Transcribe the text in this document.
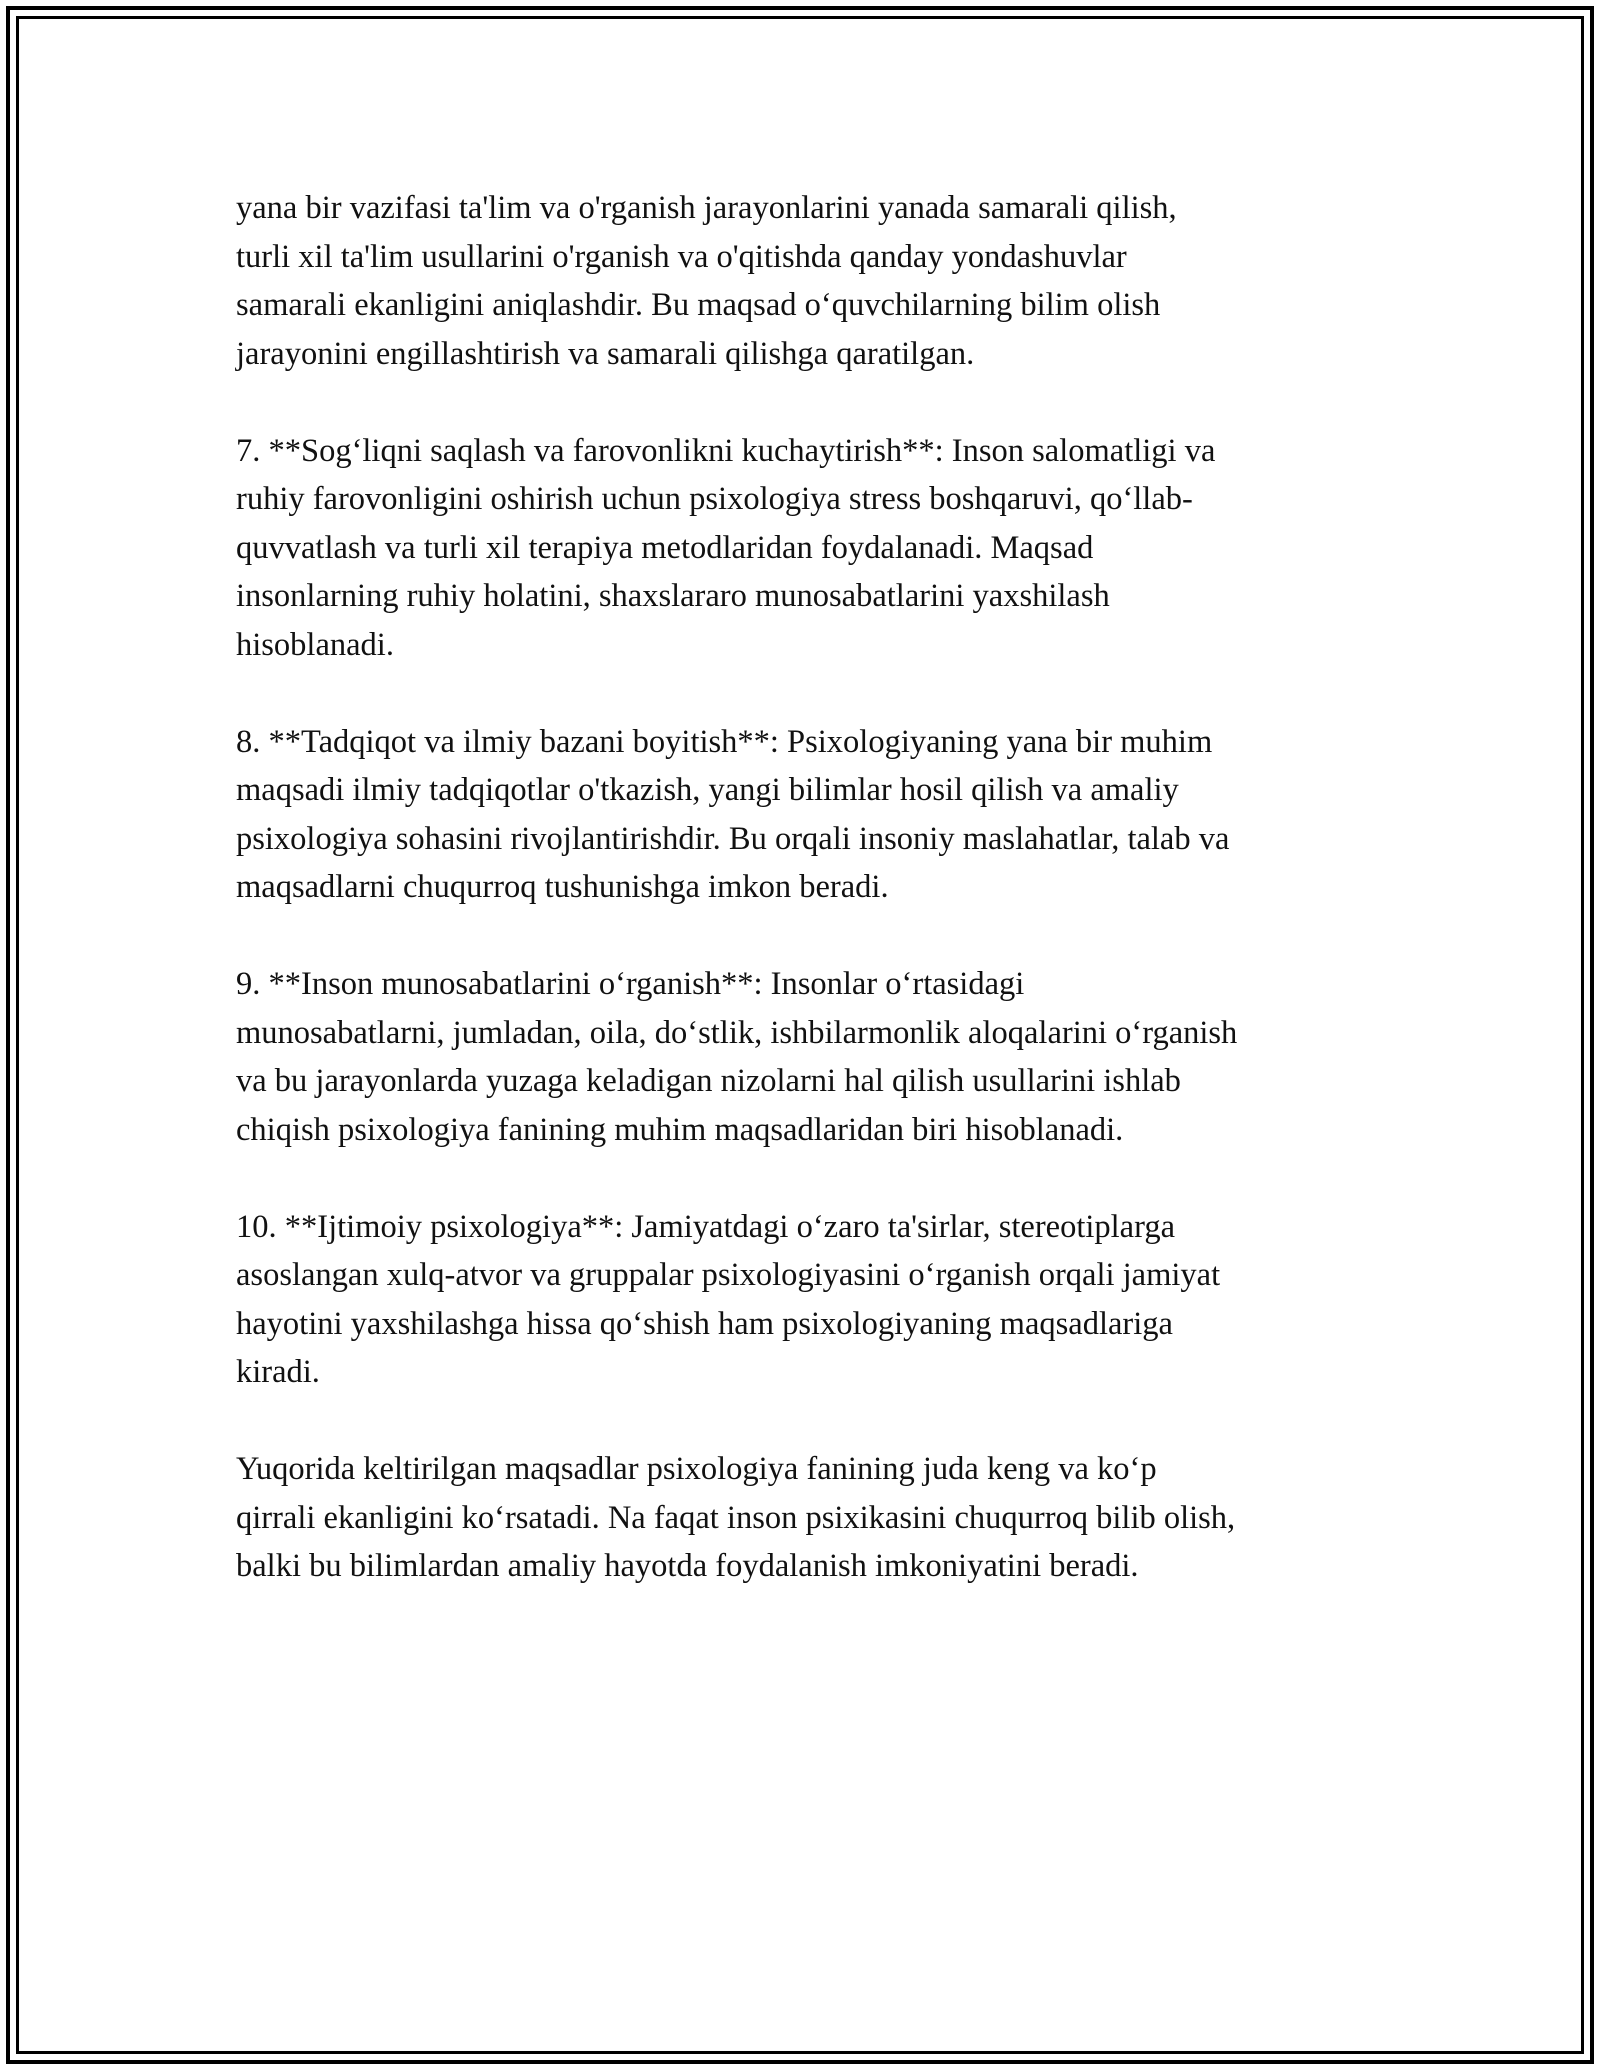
yana bir vazifasi ta'lim va o'rganish jarayonlarini yanada samarali qilish,
turli xil ta'lim usullarini o'rganish va o'qitishda qanday yondashuvlar
samarali ekanligini aniqlashdir. Bu maqsad o‘quvchilarning bilim olish
jarayonini engillashtirish va samarali qilishga qaratilgan.

7. **Sog‘liqni saqlash va farovonlikni kuchaytirish**: Inson salomatligi va
ruhiy farovonligini oshirish uchun psixologiya stress boshqaruvi, qo‘llab-
quvvatlash va turli xil terapiya metodlaridan foydalanadi. Maqsad
insonlarning ruhiy holatini, shaxslararo munosabatlarini yaxshilash
hisoblanadi.

8. **Tadqiqot va ilmiy bazani boyitish**: Psixologiyaning yana bir muhim
maqsadi ilmiy tadqiqotlar o'tkazish, yangi bilimlar hosil qilish va amaliy
psixologiya sohasini rivojlantirishdir. Bu orqali insoniy maslahatlar, talab va
maqsadlarni chuqurroq tushunishga imkon beradi.

9. **Inson munosabatlarini o‘rganish**: Insonlar o‘rtasidagi
munosabatlarni, jumladan, oila, do‘stlik, ishbilarmonlik aloqalarini o‘rganish
va bu jarayonlarda yuzaga keladigan nizolarni hal qilish usullarini ishlab
chiqish psixologiya fanining muhim maqsadlaridan biri hisoblanadi.

10. **Ijtimoiy psixologiya**: Jamiyatdagi o‘zaro ta'sirlar, stereotiplarga
asoslangan xulq-atvor va gruppalar psixologiyasini o‘rganish orqali jamiyat
hayotini yaxshilashga hissa qo‘shish ham psixologiyaning maqsadlariga
kiradi.

Yuqorida keltirilgan maqsadlar psixologiya fanining juda keng va ko‘p
qirrali ekanligini ko‘rsatadi. Na faqat inson psixikasini chuqurroq bilib olish,
balki bu bilimlardan amaliy hayotda foydalanish imkoniyatini beradi.
